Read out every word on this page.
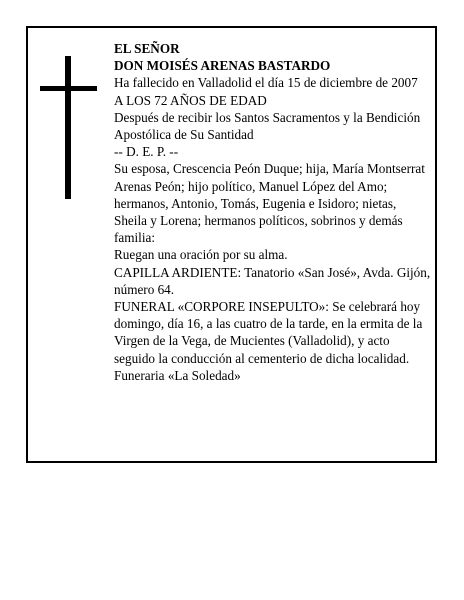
EL SEÑOR

DON MOISÉS ARENAS BASTARDO

Ha fallecido en Valladolid el día 15 de diciembre de 2007

A LOS 72 AÑOS DE EDAD

Después de recibir los Santos Sacramentos y la Bendición Apostólica de Su Santidad

-- D. E. P. --

Su esposa, Crescencia Peón Duque; hija, María Montserrat Arenas Peón; hijo político, Manuel López del Amo; hermanos, Antonio, Tomás, Eugenia e Isidoro; nietas, Sheila y Lorena; hermanos políticos, sobrinos y demás familia:

Ruegan una oración por su alma.

CAPILLA ARDIENTE: Tanatorio «San José», Avda. Gijón, número 64.

FUNERAL «CORPORE INSEPULTO»: Se celebrará hoy domingo, día 16, a las cuatro de la tarde, en la ermita de la Virgen de la Vega, de Mucientes (Valladolid), y acto seguido la conducción al cementerio de dicha localidad.

Funeraria «La Soledad»
